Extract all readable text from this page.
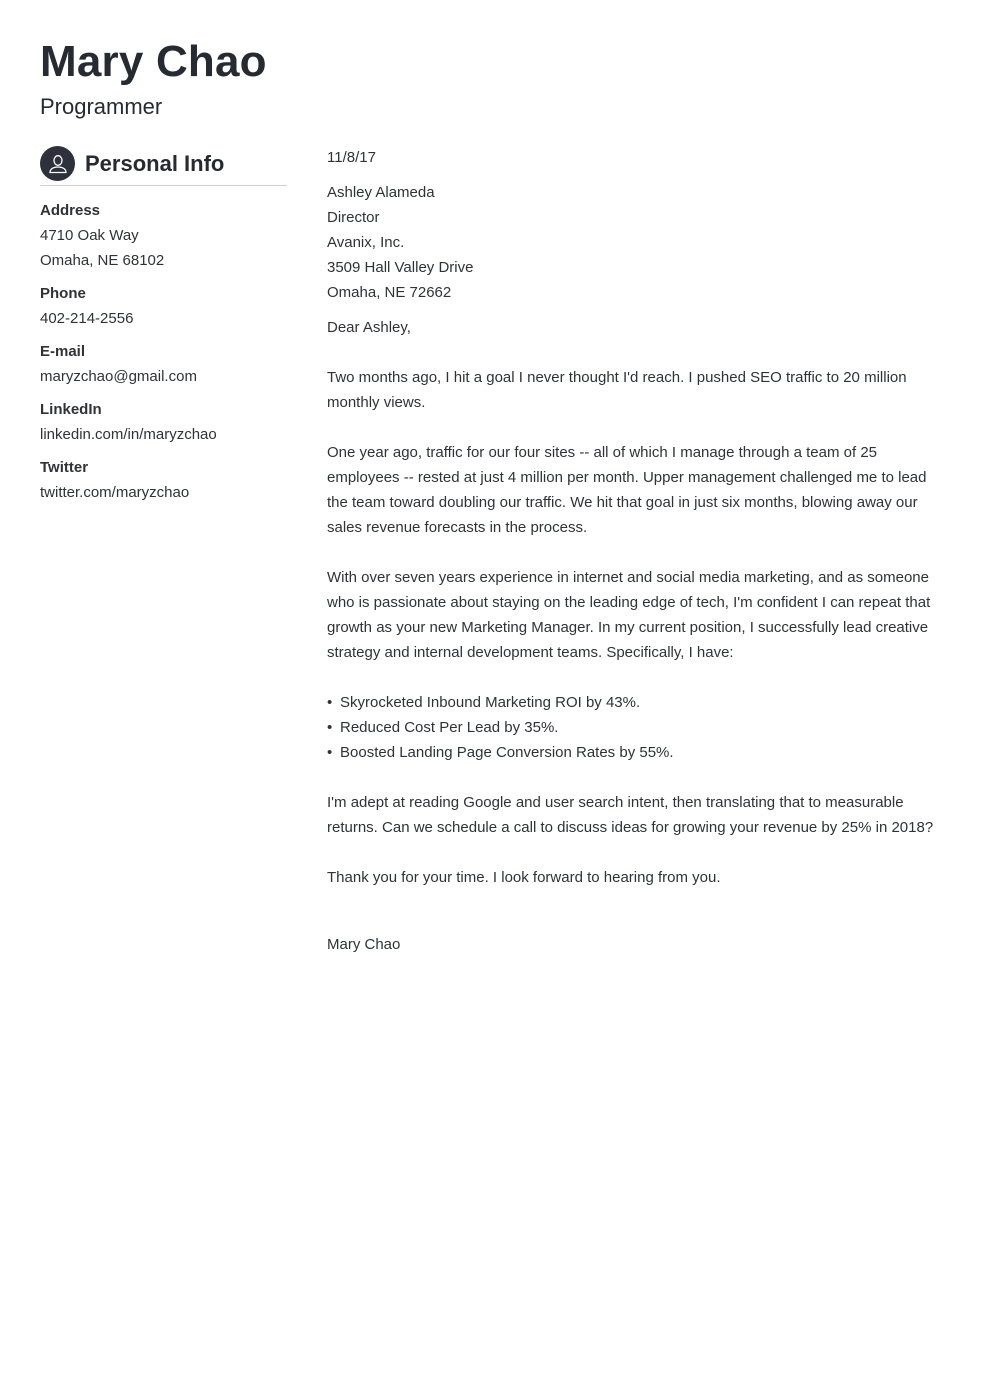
Mary Chao
Programmer
Personal Info
Address
4710 Oak Way
Omaha, NE 68102
Phone
402-214-2556
E-mail
maryzchao@gmail.com
LinkedIn
linkedin.com/in/maryzchao
Twitter
twitter.com/maryzchao
11/8/17
Ashley Alameda
Director
Avanix, Inc.
3509 Hall Valley Drive
Omaha, NE 72662
Dear Ashley,

Two months ago, I hit a goal I never thought I'd reach. I pushed SEO traffic to 20 million monthly views.

One year ago, traffic for our four sites -- all of which I manage through a team of 25 employees -- rested at just 4 million per month. Upper management challenged me to lead the team toward doubling our traffic. We hit that goal in just six months, blowing away our sales revenue forecasts in the process.

With over seven years experience in internet and social media marketing, and as someone who is passionate about staying on the leading edge of tech, I'm confident I can repeat that growth as your new Marketing Manager. In my current position, I successfully lead creative strategy and internal development teams. Specifically, I have:

• Skyrocketed Inbound Marketing ROI by 43%.
• Reduced Cost Per Lead by 35%.
• Boosted Landing Page Conversion Rates by 55%.

I'm adept at reading Google and user search intent, then translating that to measurable returns. Can we schedule a call to discuss ideas for growing your revenue by 25% in 2018?

Thank you for your time. I look forward to hearing from you.

Mary Chao
